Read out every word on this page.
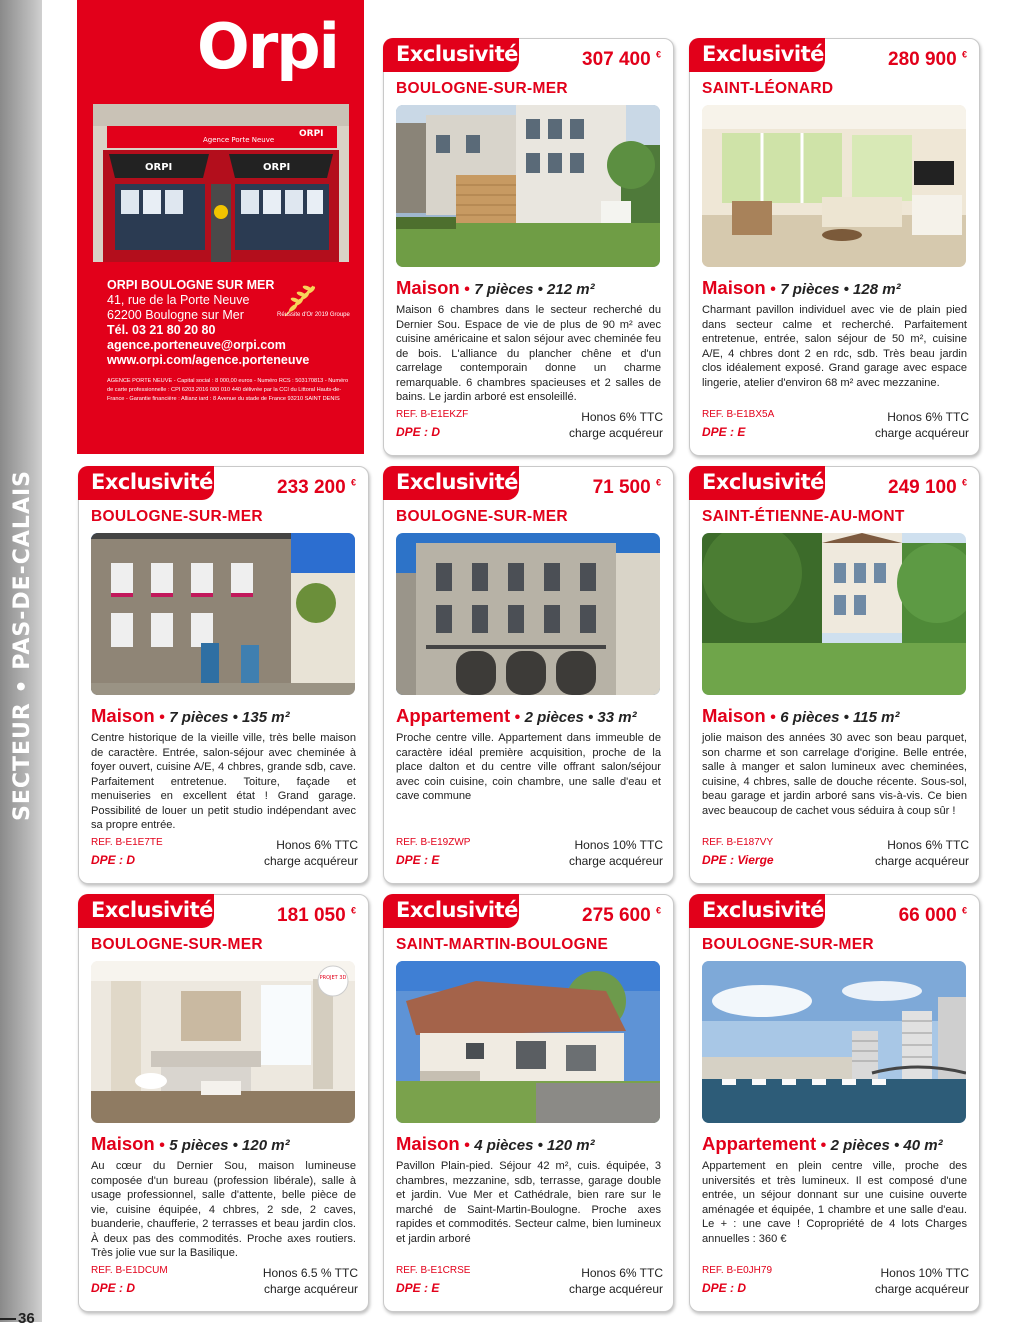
SECTEUR • PAS-DE-CALAIS
36
Orpi
Agence Porte Neuve
ORPI
ORPI	ORPI
ORPI BOULOGNE SUR MER
41, rue de la Porte Neuve
62200 Boulogne sur Mer
Tél. 03 21 80 20 80
agence.porteneuve@orpi.com
www.orpi.com/agence.porteneuve
Réussite d'Or 2019 Groupe
AGENCE PORTE NEUVE - Capital social : 8 000,00 euros - Numéro RCS : 503170813 - Numéro de carte professionnelle : CPI 6203 2016 000 010 440 délivrée par la CCI du Littoral Hauts-de-France - Garantie financière : Allianz iard : 8 Avenue du stade de France 93210 SAINT DENIS
Exclusivité	307 400 €
BOULOGNE-SUR-MER
Maison • 7 pièces • 212 m²
Maison 6 chambres dans le secteur recherché du Dernier Sou. Espace de vie de plus de 90 m² avec cuisine américaine et salon séjour avec cheminée feu de bois. L'alliance du plancher chêne et d'un carrelage contemporain donne un charme remarquable. 6 chambres spacieuses et 2 salles de bains. Le jardin arboré est ensoleillé.
REF. B-E1EKZF
DPE : D
Honos 6% TTC
charge acquéreur
Exclusivité	280 900 €
SAINT-LÉONARD
Maison • 7 pièces • 128 m²
Charmant pavillon individuel avec vie de plain pied dans secteur calme et recherché. Parfaitement entretenue, entrée, salon séjour de 50 m², cuisine A/E, 4 chbres dont 2 en rdc, sdb. Très beau jardin clos idéalement exposé. Grand garage avec espace lingerie, atelier d'environ 68 m² avec mezzanine.
REF. B-E1BX5A
DPE : E
Honos 6% TTC
charge acquéreur
Exclusivité	233 200 €
BOULOGNE-SUR-MER
Maison • 7 pièces • 135 m²
Centre historique de la vieille ville, très belle maison de caractère. Entrée, salon-séjour avec cheminée à foyer ouvert, cuisine A/E, 4 chbres, grande sdb, cave. Parfaitement entretenue. Toiture, façade et menuiseries en excellent état ! Grand garage. Possibilité de louer un petit studio indépendant avec sa propre entrée.
REF. B-E1E7TE
DPE : D
Honos 6% TTC
charge acquéreur
Exclusivité	71 500 €
BOULOGNE-SUR-MER
Appartement • 2 pièces • 33 m²
Proche centre ville. Appartement dans immeuble de caractère idéal première acquisition, proche de la place dalton et du centre ville offrant salon/séjour avec coin cuisine, coin chambre, une salle d'eau et cave commune
REF. B-E19ZWP
DPE : E
Honos 10% TTC
charge acquéreur
Exclusivité	249 100 €
SAINT-ÉTIENNE-AU-MONT
Maison • 6 pièces • 115 m²
jolie maison des années 30 avec son beau parquet, son charme et son carrelage d'origine. Belle entrée, salle à manger et salon lumineux avec cheminées, cuisine, 4 chbres, salle de douche récente. Sous-sol, beau garage et jardin arboré sans vis-à-vis. Ce bien avec beaucoup de cachet vous séduira à coup sûr !
REF. B-E187VY
DPE : Vierge
Honos 6% TTC
charge acquéreur
Exclusivité	181 050 €
BOULOGNE-SUR-MER
PROJET 3D
Maison • 5 pièces • 120 m²
Au cœur du Dernier Sou, maison lumineuse composée d'un bureau (profession libérale), salle à usage professionnel, salle d'attente, belle pièce de vie, cuisine équipée, 4 chbres, 2 sde, 2 caves, buanderie, chaufferie, 2 terrasses et beau jardin clos. À deux pas des commodités. Proche axes routiers. Très jolie vue sur la Basilique.
REF. B-E1DCUM
DPE : D
Honos 6.5 % TTC
charge acquéreur
Exclusivité	275 600 €
SAINT-MARTIN-BOULOGNE
Maison • 4 pièces • 120 m²
Pavillon Plain-pied. Séjour 42 m², cuis. équipée, 3 chambres, mezzanine, sdb, terrasse, garage double et jardin. Vue Mer et Cathédrale, bien rare sur le marché de Saint-Martin-Boulogne. Proche axes rapides et commodités. Secteur calme, bien lumineux et jardin arboré
REF. B-E1CRSE
DPE : E
Honos 6% TTC
charge acquéreur
Exclusivité	66 000 €
BOULOGNE-SUR-MER
Appartement • 2 pièces • 40 m²
Appartement en plein centre ville, proche des universités et très lumineux. Il est composé d'une entrée, un séjour donnant sur une cuisine ouverte aménagée et équipée, 1 chambre et une salle d'eau. Le + : une cave ! Copropriété de 4 lots Charges annuelles : 360 €
REF. B-E0JH79
DPE : D
Honos 10% TTC
charge acquéreur
